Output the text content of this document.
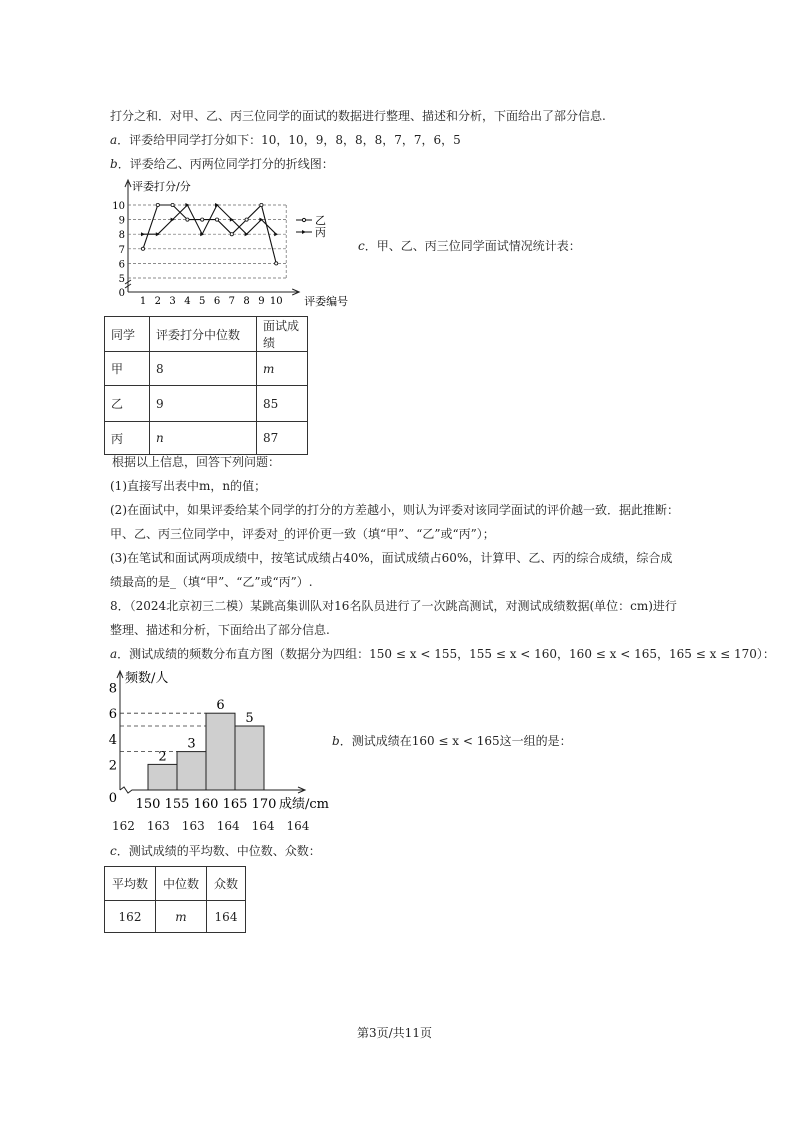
打分之和．对甲、乙、丙三位同学的面试的数据进行整理、描述和分析，下面给出了部分信息.
a．评委给甲同学打分如下：10，10，9，8，8，8，7，7，6，5
b．评委给乙、丙两位同学打分的折线图：
评委打分/分
评委编号
0
5
6
7
8
9
10
1 2 3 4 5 6 7 8 9 10
乙
丙
c．甲、乙、丙三位同学面试情况统计表：
同学	评委打分中位数	面试成绩
甲	8	m
乙	9	85
丙	n	87
根据以上信息，回答下列问题：
(1)直接写出表中m，n的值；
(2)在面试中，如果评委给某个同学的打分的方差越小，则认为评委对该同学面试的评价越一致．据此推断：
甲、乙、丙三位同学中，评委对_的评价更一致（填“甲”、“乙”或“丙”）；
(3)在笔试和面试两项成绩中，按笔试成绩占40%，面试成绩占60%，计算甲、乙、丙的综合成绩，综合成
绩最高的是_（填“甲”、“乙”或“丙”）.
8．（2024北京初三二模）某跳高集训队对16名队员进行了一次跳高测试，对测试成绩数据(单位：cm)进行
整理、描述和分析，下面给出了部分信息.
a．测试成绩的频数分布直方图（数据分为四组：150 ≤ x < 155，155 ≤ x < 160，160 ≤ x < 165，165 ≤ x ≤ 170）：
频数/人
成绩/cm
0
2
4
6
8
2
3
6
5
150 155 160 165 170
b．测试成绩在160 ≤ x < 165这一组的是：
162　163　163　164　164　164
c．测试成绩的平均数、中位数、众数：
平均数	中位数	众数
162	m	164
第3页/共11页
